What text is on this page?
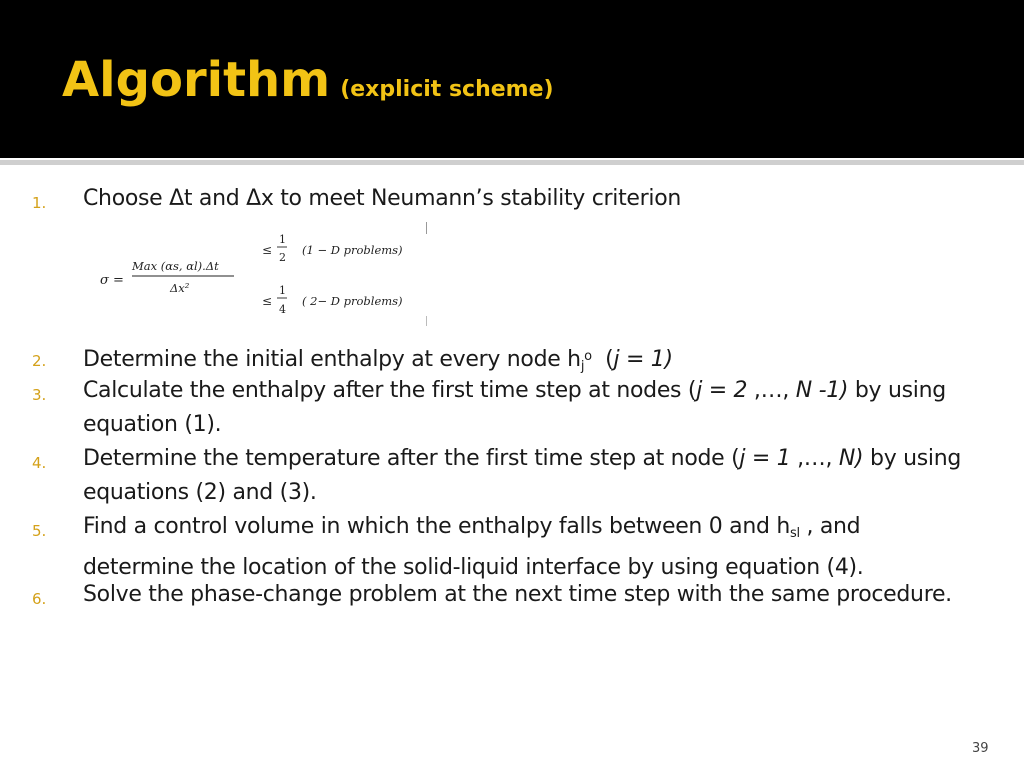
Algorithm (explicit scheme)
1. Choose Δt and Δx to meet Neumann’s stability criterion
σ =
Max (αs, αl).Δt
Δx²
≤
1
2
(1 − D problems)
≤
1
4
( 2− D problems)
2. Determine the initial enthalpy at every node $h_j^o$ (j = 1)
3. Calculate the enthalpy after the first time step at nodes (j = 2 ,…, N -1) by using equation (1).
4. Determine the temperature after the first time step at node (j = 1 ,…, N) by using equations (2) and (3).
5. Find a control volume in which the enthalpy falls between 0 and $h_{sl}$ , and determine the location of the solid-liquid interface by using equation (4).
6. Solve the phase-change problem at the next time step with the same procedure.
39
